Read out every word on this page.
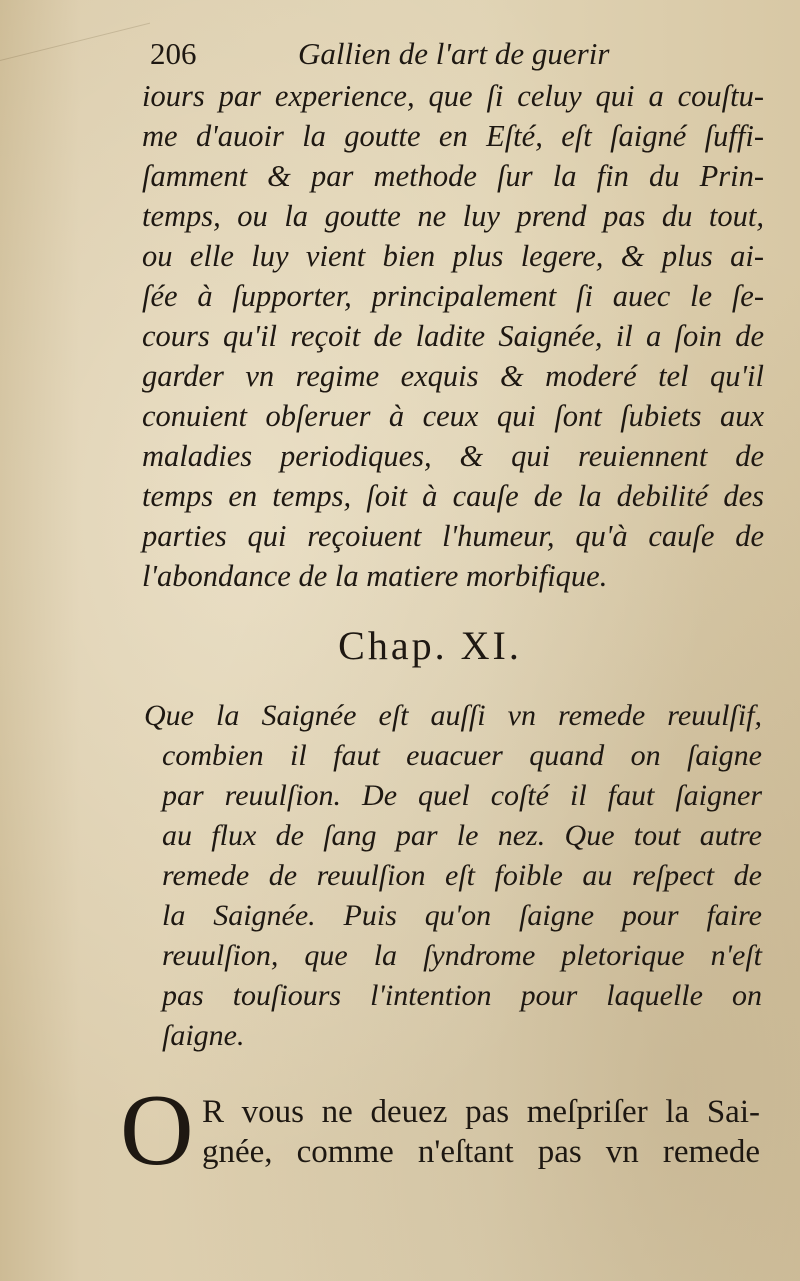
206	Gallien de l'art de guerir
iours par experience, que ſi celuy qui a couſtu-
me d'auoir la goutte en Eſté, eſt ſaigné ſuffi-
ſamment & par methode ſur la fin du Prin-
temps, ou la goutte ne luy prend pas du tout,
ou elle luy vient bien plus legere, & plus ai-
ſée à ſupporter, principalement ſi auec le ſe-
cours qu'il reçoit de ladite Saignée, il a ſoin de
garder vn regime exquis & moderé tel qu'il
conuient obſeruer à ceux qui ſont ſubiets aux
maladies periodiques, & qui reuiennent de
temps en temps, ſoit à cauſe de la debilité des
parties qui reçoiuent l'humeur, qu'à cauſe de
l'abondance de la matiere morbifique.
Chap. XI.
Que la Saignée eſt auſſi vn remede reuulſif,
combien il faut euacuer quand on ſaigne
par reuulſion. De quel coſté il faut ſaigner
au flux de ſang par le nez. Que tout autre
remede de reuulſion eſt foible au reſpect de
la Saignée. Puis qu'on ſaigne pour faire
reuulſion, que la ſyndrome pletorique n'eſt
pas touſiours l'intention pour laquelle on
ſaigne.
O R vous ne deuez pas meſpriſer la Sai-
gnée, comme n'eſtant pas vn remede
